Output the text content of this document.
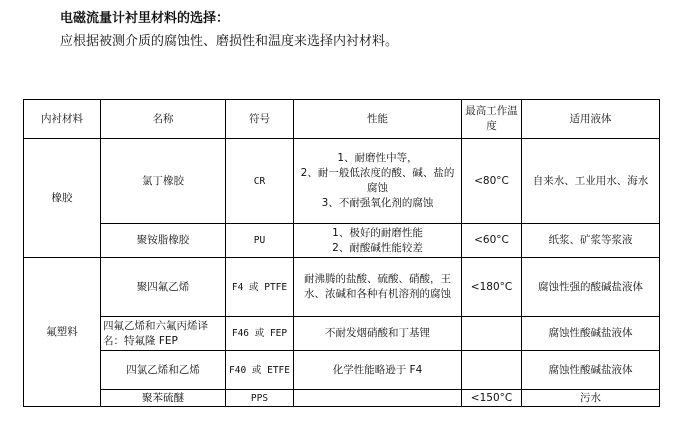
电磁流量计衬里材料的选择：
应根据被测介质的腐蚀性、磨损性和温度来选择内衬材料。
内衬材料	名称	符号	性能	最高工作温度	适用液体
橡胶	氯丁橡胶	CR	1、耐磨性中等，
2、耐一般低浓度的酸、碱、盐的腐蚀
3、不耐强氧化剂的腐蚀	<80°C	自来水、工业用水、海水
	聚铵脂橡胶	PU	1、极好的耐磨性能
2、耐酸碱性能较差	<60°C	纸浆、矿浆等浆液
氟塑料	聚四氟乙烯	F4 或 PTFE	耐沸腾的盐酸、硫酸、硝酸，王水、浓碱和各种有机溶剂的腐蚀	<180°C	腐蚀性强的酸碱盐液体
	四氟乙烯和六氟丙烯译名：特氟隆 FEP	F46 或 FEP	不耐发烟硝酸和丁基锂		腐蚀性酸碱盐液体
	四氯乙烯和乙烯	F40 或 ETFE	化学性能略逊于 F4		腐蚀性酸碱盐液体
	聚苯硫醚	PPS		<150°C	污水
